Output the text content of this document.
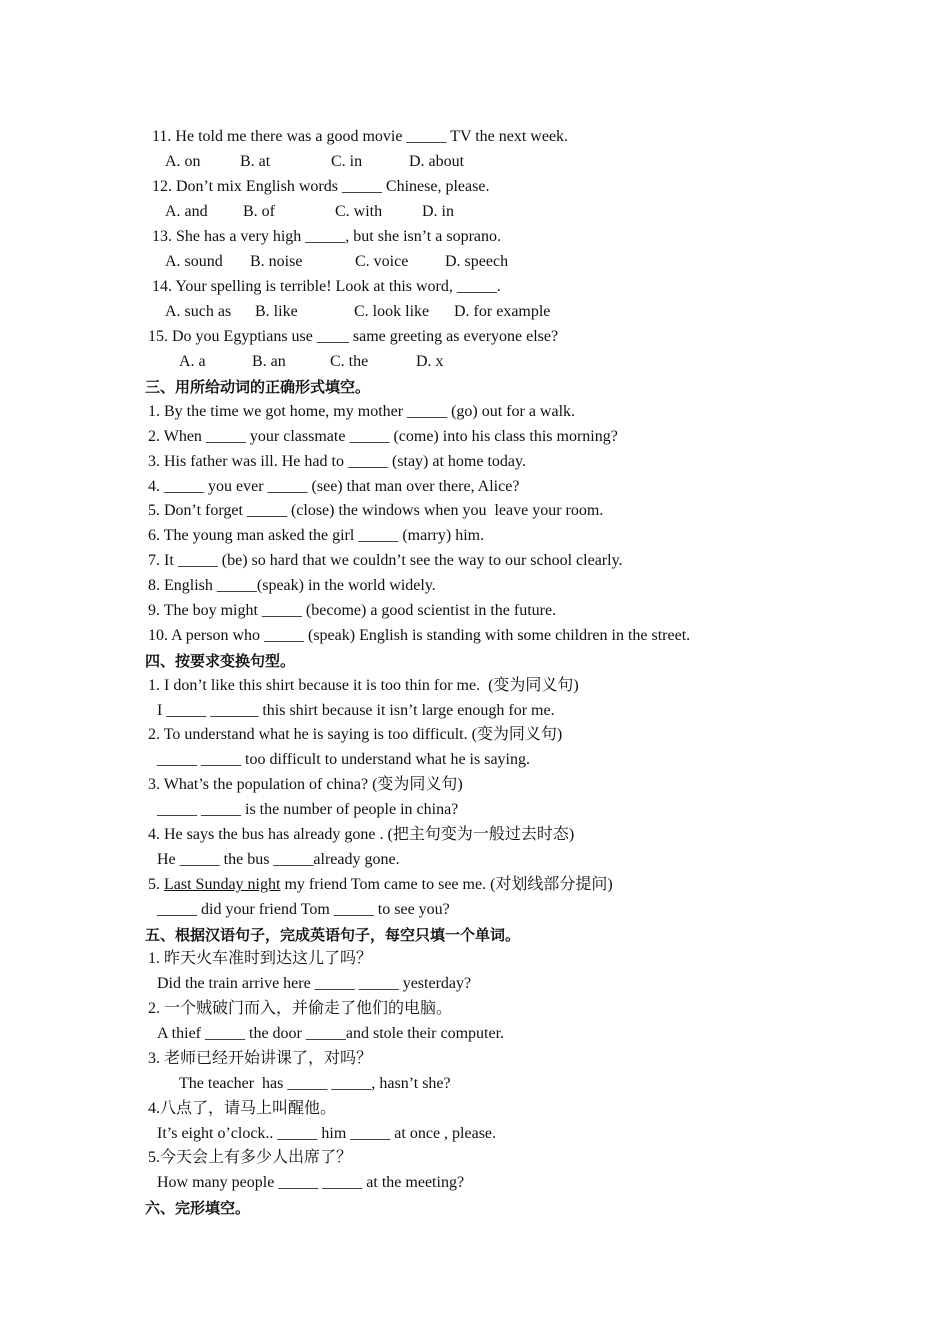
11. He told me there was a good movie _____ TV the next week.
A. on B. at	C. in	D. about
12. Don’t mix English words _____ Chinese, please.
A. and B. of	C. with D. in
13. She has a very high _____, but she isn’t a soprano.
A. sound B. noise	C. voice D. speech
14. Your spelling is terrible! Look at this word, _____.
A. such as B. like	C. look like D. for example
15. Do you Egyptians use ____ same greeting as everyone else?
A. a	B. an	C. the	D. x
三、用所给动词的正确形式填空。
1. By the time we got home, my mother _____ (go) out for a walk.
2. When _____ your classmate _____ (come) into his class this morning?
3. His father was ill. He had to _____ (stay) at home today.
4. _____ you ever _____ (see) that man over there, Alice?
5. Don’t forget _____ (close) the windows when you  leave your room.
6. The young man asked the girl _____ (marry) him.
7. It _____ (be) so hard that we couldn’t see the way to our school clearly.
8. English _____(speak) in the world widely.
9. The boy might _____ (become) a good scientist in the future.
10. A person who _____ (speak) English is standing with some children in the street.
四、按要求变换句型。
1. I don’t like this shirt because it is too thin for me.  (变为同义句)
I _____ ______ this shirt because it isn’t large enough for me.
2. To understand what he is saying is too difficult. (变为同义句)
_____ _____ too difficult to understand what he is saying.
3. What’s the population of china? (变为同义句)
_____ _____ is the number of people in china?
4. He says the bus has already gone . (把主句变为一般过去时态)
He _____ the bus _____already gone.
5. Last Sunday night my friend Tom came to see me. (对划线部分提问)
_____ did your friend Tom _____ to see you?
五、根据汉语句子，完成英语句子，每空只填一个单词。
1. 昨天火车准时到达这儿了吗？
Did the train arrive here _____ _____ yesterday?
2. 一个贼破门而入，并偷走了他们的电脑。
A thief _____ the door _____and stole their computer.
3. 老师已经开始讲课了，对吗？
The teacher  has _____ _____, hasn’t she?
4.八点了，请马上叫醒他。
It’s eight o’clock.. _____ him _____ at once , please.
5.今天会上有多少人出席了？
How many people _____ _____ at the meeting?
六、完形填空。
